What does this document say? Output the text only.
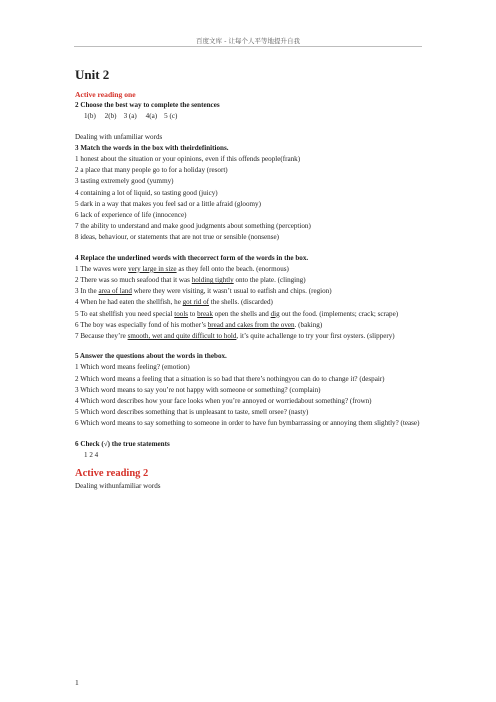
百度文库 - 让每个人平等地提升自我

Unit 2

Active reading one

2 Choose the best way to complete the sentences

1(b)     2(b)    3 (a)     4(a)    5 (c)

Dealing with unfamiliar words

3 Match the words in the box with theirdefinitions.

1 honest about the situation or your opinions, even if this offends people(frank)

2 a place that many people go to for a holiday (resort)

3 tasting extremely good (yummy)

4 containing a lot of liquid, so tasting good (juicy)

5 dark in a way that makes you feel sad or a little afraid (gloomy)

6 lack of experience of life (innocence)

7 the ability to understand and make good judgments about something (perception)

8 ideas, behaviour, or statements that are not true or sensible (nonsense)

4 Replace the underlined words with thecorrect form of the words in the box.

1 The waves were very large in size as they fell onto the beach. (enormous)

2 There was so much seafood that it was holding tightly onto the plate. (clinging)

3 In the area of land where they were visiting, it wasn’t usual to eatfish and chips. (region)

4 When he had eaten the shellfish, he got rid of the shells. (discarded)

5 To eat shellfish you need special tools to break open the shells and dig out the food. (implements; crack; scrape)

6 The boy was especially fond of his mother’s bread and cakes from the oven. (baking)

7 Because they’re smooth, wet and quite difficult to hold, it’s quite achallenge to try your first oysters. (slippery)

5 Answer the questions about the words in thebox.

1 Which word means feeling? (emotion)

2 Which word means a feeling that a situation is so bad that there’s nothingyou can do to change it? (despair)

3 Which word means to say you’re not happy with someone or something? (complain)

4 Which word describes how your face looks when you’re annoyed or worriedabout something? (frown)

5 Which word describes something that is unpleasant to taste, smell orsee? (nasty)

6 Which word means to say something to someone in order to have fun bymbarrassing or annoying them slightly? (tease)

6 Check (√) the true statements

1 2 4

Active reading 2

Dealing withunfamiliar words

1
